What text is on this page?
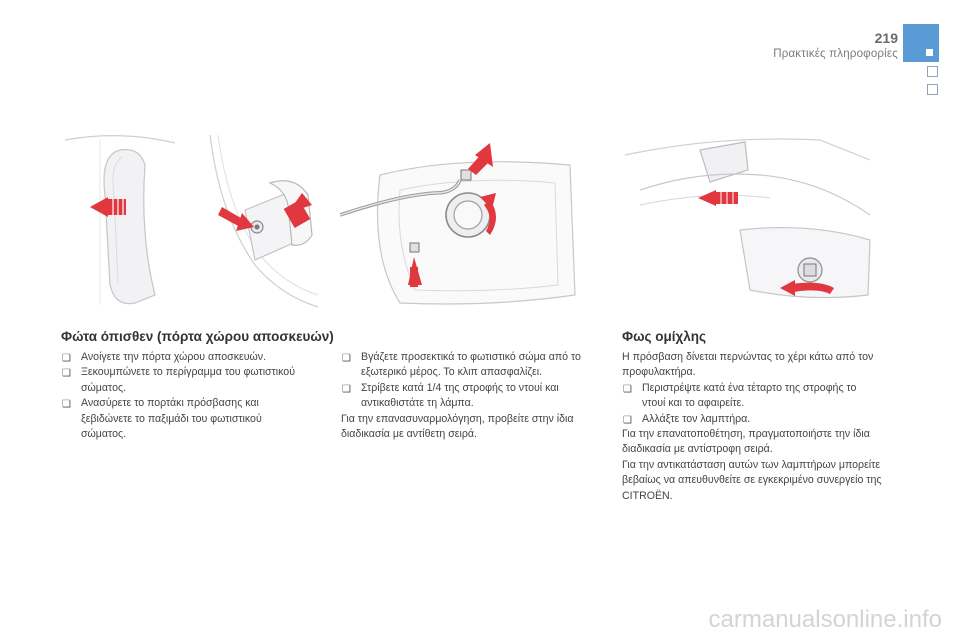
219
Πρακτικές πληροφορίες
Φώτα όπισθεν (πόρτα χώρου αποσκευών)
❑ Ανοίγετε την πόρτα χώρου αποσκευών.
❑ Ξεκουμπώνετε το περίγραμμα του φωτιστικού σώματος.
❑ Ανασύρετε το πορτάκι πρόσβασης και ξεβιδώνετε το παξιμάδι του φωτιστικού σώματος.
❑ Βγάζετε προσεκτικά το φωτιστικό σώμα από το εξωτερικό μέρος. Το κλιπ απασφαλίζει.
❑ Στρίβετε κατά 1/4 της στροφής το ντουί και αντικαθιστάτε τη λάμπα.

Για την επανασυναρμολόγηση, προβείτε στην ίδια διαδικασία με αντίθετη σειρά.

Φως ομίχλης

Η πρόσβαση δίνεται περνώντας το χέρι κάτω από τον προφυλακτήρα.

❑ Περιστρέψτε κατά ένα τέταρτο της στροφής το ντουί και το αφαιρείτε.
❑ Αλλάξτε τον λαμπτήρα.

Για την επανατοποθέτηση, πραγματοποιήστε την ίδια διαδικασία με αντίστροφη σειρά.

Για την αντικατάσταση αυτών των λαμπτήρων μπορείτε βεβαίως να απευθυνθείτε σε εγκεκριμένο συνεργείο της CITROËN.

carmanualsonline.info
